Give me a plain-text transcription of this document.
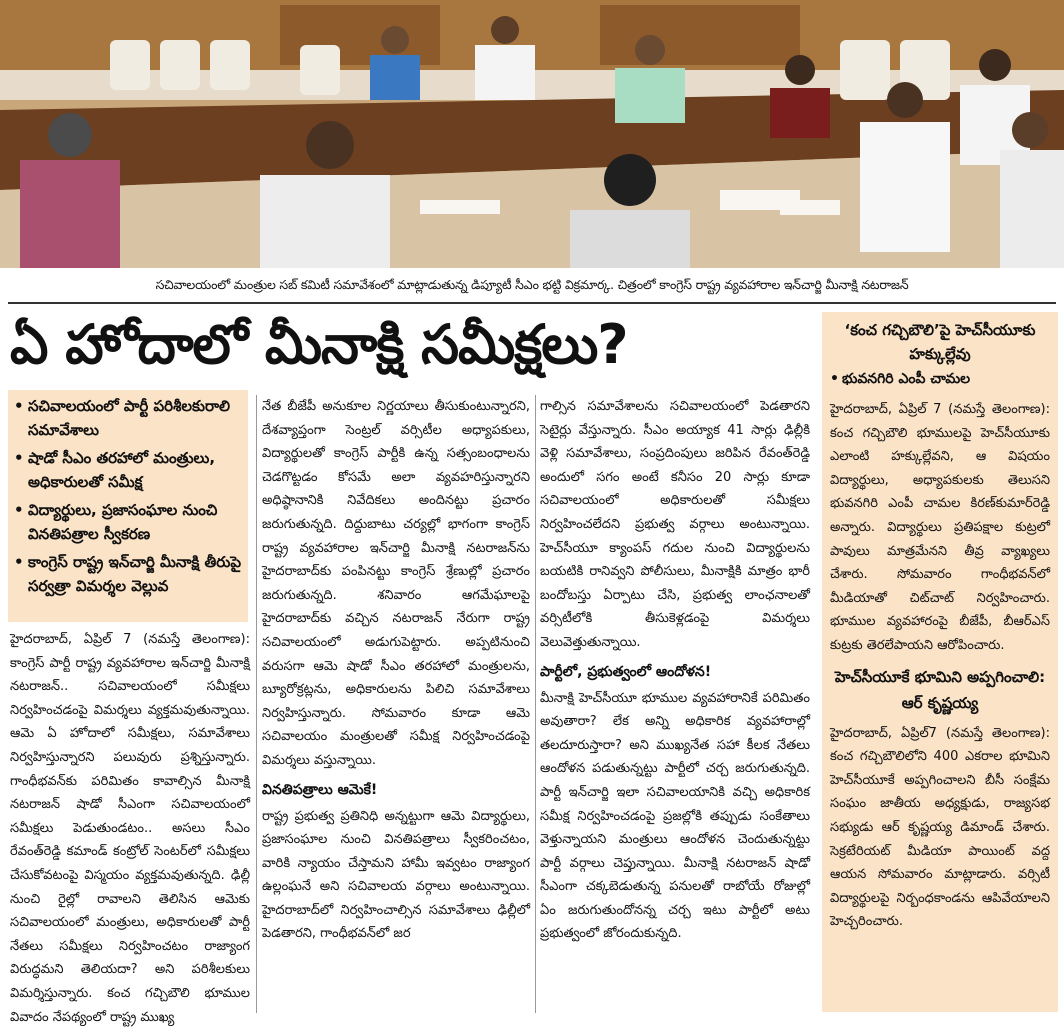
సచివాలయంలో మంత్రుల సబ్ కమిటీ సమావేశంలో మాట్లాడుతున్న డిప్యూటీ సీఎం భట్టి విక్రమార్క. చిత్రంలో కాంగ్రెస్ రాష్ట్ర వ్యవహారాల ఇన్‌చార్జి మీనాక్షి నటరాజన్
ఏ హోదాలో మీనాక్షి సమీక్షలు?
• సచివాలయంలో పార్టీ పరిశీలకురాలి సమావేశాలు
• షాడో సీఎం తరహాలో మంత్రులు, అధికారులతో సమీక్ష
• విద్యార్థులు, ప్రజాసంఘాల నుంచి వినతిపత్రాల స్వీకరణ
• కాంగ్రెస్ రాష్ట్ర ఇన్‌చార్జి మీనాక్షి తీరుపై సర్వత్రా విమర్శల వెల్లువ

హైదరాబాద్, ఏప్రిల్ 7 (నమస్తే తెలంగాణ): కాంగ్రెస్ పార్టీ రాష్ట్ర వ్యవహారాల ఇన్‌చార్జి మీనాక్షి నటరాజన్.. సచివాలయంలో సమీక్షలు నిర్వహించడంపై విమర్శలు వ్యక్తమవుతున్నాయి. ఆమె ఏ హోదాలో సమీక్షలు, సమావేశాలు నిర్వహిస్తున్నారని పలువురు ప్రశ్నిస్తున్నారు. గాంధీభవన్‌కు పరిమితం కావాల్సిన మీనాక్షి నటరాజన్ షాడో సీఎంగా సచివాలయంలో సమీక్షలు పెడుతుండటం.. అసలు సీఎం రేవంత్‌రెడ్డి కమాండ్ కంట్రోల్ సెంటర్‌లో సమీక్షలు చేసుకోవటంపై విస్మయం వ్యక్తమవుతున్నది. ఢిల్లీ నుంచి రైల్లో రావాలని తెలిసిన ఆమెకు సచివాలయంలో మంత్రులు, అధికారులతో పార్టీ నేతలు సమీక్షలు నిర్వహించటం రాజ్యాంగ విరుద్ధమని తెలియదా? అని పరిశీలకులు విమర్శిస్తున్నారు. కంచ గచ్చిబౌలి భూముల వివాదం నేపథ్యంలో రాష్ట్ర ముఖ్య

నేత బీజేపీ అనుకూల నిర్ణయాలు తీసుకుంటున్నారని, దేశవ్యాప్తంగా సెంట్రల్ వర్సిటీల అధ్యాపకులు, విద్యార్థులతో కాంగ్రెస్ పార్టీకి ఉన్న సత్సంబంధాలను చెడగొట్టడం కోసమే అలా వ్యవహరిస్తున్నారని అధిష్ఠానానికి నివేదికలు అందినట్టు ప్రచారం జరుగుతున్నది. దిద్దుబాటు చర్యల్లో భాగంగా కాంగ్రెస్ రాష్ట్ర వ్యవహారాల ఇన్‌చార్జి మీనాక్షి నటరాజన్‌ను హైదరాబాద్‌కు పంపినట్టు కాంగ్రెస్ శ్రేణుల్లో ప్రచారం జరుగుతున్నది. శనివారం ఆగమేఘాలపై హైదరాబాద్‌కు వచ్చిన నటరాజన్ నేరుగా రాష్ట్ర సచివాలయంలో అడుగుపెట్టారు. అప్పటినుంచి వరుసగా ఆమె షాడో సీఎం తరహాలో మంత్రులను, బ్యూరోక్రట్లను, అధికారులను పిలిచి సమావేశాలు నిర్వహిస్తున్నారు. సోమవారం కూడా ఆమె సచివాలయం మంత్రులతో సమీక్ష నిర్వహించడంపై విమర్శలు వస్తున్నాయి.

వినతిపత్రాలు ఆమెకే!

రాష్ట్ర ప్రభుత్వ ప్రతినిధి అన్నట్టుగా ఆమె విద్యార్థులు, ప్రజాసంఘాల నుంచి వినతిపత్రాలు స్వీకరించటం, వారికి న్యాయం చేస్తామని హామీ ఇవ్వటం రాజ్యాంగ ఉల్లంఘనే అని సచివాలయ వర్గాలు అంటున్నాయి. హైదరాబాద్‌లో నిర్వహించాల్సిన సమావేశాలు ఢిల్లీలో పెడతారని, గాంధీభవన్‌లో జర

గాల్సిన సమావేశాలను సచివాలయంలో పెడతారని సెటైర్లు వేస్తున్నారు. సీఎం అయ్యాక 41 సార్లు ఢిల్లీకి వెళ్లి సమావేశాలు, సంప్రదింపులు జరిపిన రేవంత్‌రెడ్డి అందులో సగం అంటే కనీసం 20 సార్లు కూడా సచివాలయంలో అధికారులతో సమీక్షలు నిర్వహించలేదని ప్రభుత్వ వర్గాలు అంటున్నాయి. హెచ్‌సీయూ క్యాంపస్ గదుల నుంచి విద్యార్థులను బయటికి రానివ్వని పోలీసులు, మీనాక్షికి మాత్రం భారీ బందోబస్తు ఏర్పాటు చేసి, ప్రభుత్వ లాంఛనాలతో వర్సిటీలోకి తీసుకెళ్లడంపై విమర్శలు వెలువెత్తుతున్నాయి.

పార్టీలో, ప్రభుత్వంలో ఆందోళన!

మీనాక్షి హెచ్‌సీయూ భూముల వ్యవహారానికే పరిమితం అవుతారా? లేక అన్ని అధికారిక వ్యవహారాల్లో తలదూరుస్తారా? అని ముఖ్యనేత సహా కీలక నేతలు ఆందోళన పడుతున్నట్టు పార్టీలో చర్చ జరుగుతున్నది. పార్టీ ఇన్‌చార్జి ఇలా సచివాలయానికి వచ్చి అధికారిక సమీక్ష నిర్వహించడంపై ప్రజల్లోకి తప్పుడు సంకేతాలు వెళ్తున్నాయని మంత్రులు ఆందోళన చెందుతున్నట్టు పార్టీ వర్గాలు చెప్తున్నాయి. మీనాక్షి నటరాజన్ షాడో సీఎంగా చక్కబెడుతున్న పనులతో రాబోయే రోజుల్లో ఏం జరుగుతుందోనన్న చర్చ ఇటు పార్టీలో అటు ప్రభుత్వంలో జోరందుకున్నది.

‘కంచ గచ్చిబౌలి’పై హెచ్‌సీయూకు హక్కుల్లేవు
• భువనగిరి ఎంపీ చామల
హైదరాబాద్, ఏప్రిల్ 7 (నమస్తే తెలంగాణ): కంచ గచ్చిబౌలి భూములపై హెచ్‌సీయూకు ఎలాంటి హక్కుల్లేవని, ఆ విషయం విద్యార్థులు, అధ్యాపకులకు తెలుసని భువనగిరి ఎంపీ చామల కిరణ్‌కుమార్‌రెడ్డి అన్నారు. విద్యార్థులు ప్రతిపక్షాల కుట్రలో పావులు మాత్రమేనని తీవ్ర వ్యాఖ్యలు చేశారు. సోమవారం గాంధీభవన్‌లో మీడియాతో చిట్‌చాట్ నిర్వహించారు. భూముల వ్యవహారంపై బీజేపీ, బీఆర్‌ఎస్ కుట్రకు తెరలేపాయని ఆరోపించారు.
హెచ్‌సీయూకే భూమిని అప్పగించాలి: ఆర్ కృష్ణయ్య
హైదరాబాద్, ఏప్రిల్7 (నమస్తే తెలంగాణ): కంచ గచ్చిబౌలిలోని 400 ఎకరాల భూమిని హెచ్‌సీయూకే అప్పగించాలని బీసీ సంక్షేమ సంఘం జాతీయ అధ్యక్షుడు, రాజ్యసభ సభ్యుడు ఆర్ కృష్ణయ్య డిమాండ్ చేశారు. సెక్రటేరియట్ మీడియా పాయింట్ వద్ద ఆయన సోమవారం మాట్లాడారు. వర్సిటీ విద్యార్థులపై నిర్బంధకాండను ఆపివేయాలని హెచ్చరించారు.
